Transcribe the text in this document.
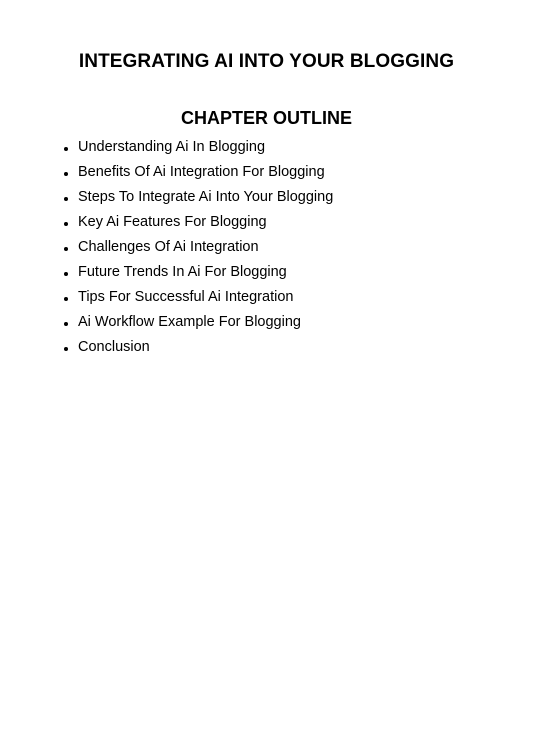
INTEGRATING AI INTO YOUR BLOGGING
CHAPTER OUTLINE
Understanding Ai In Blogging
Benefits Of Ai Integration For Blogging
Steps To Integrate Ai Into Your Blogging
Key Ai Features For Blogging
Challenges Of Ai Integration
Future Trends In Ai For Blogging
Tips For Successful Ai Integration
Ai Workflow Example For Blogging
Conclusion
